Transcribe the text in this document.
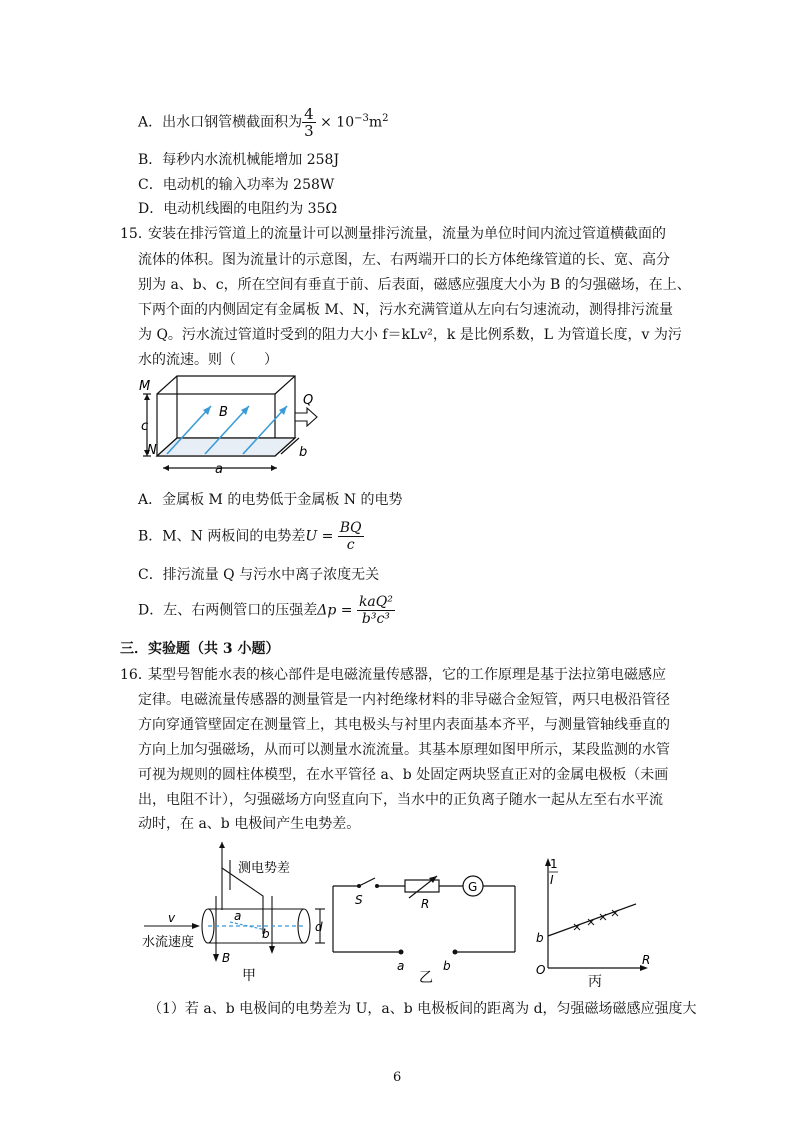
A．出水口钢管横截面积为 $\frac{4}{3} \times 10^{-3}m^2$
B．每秒内水流机械能增加 258J
C．电动机的输入功率为 258W
D．电动机线圈的电阻约为 35Ω
15．
安装在排污管道上的流量计可以测量排污流量，流量为单位时间内流过管道横截面的
流体的体积。图为流量计的示意图，左、右两端开口的长方体绝缘管道的长、宽、高分
别为 a、b、c，所在空间有垂直于前、后表面，磁感应强度大小为 B 的匀强磁场，在上、
下两个面的内侧固定有金属板 M、N，污水充满管道从左向右匀速流动，测得排污流量
为 Q。污水流过管道时受到的阻力大小 f＝kLv²，k 是比例系数，L 为管道长度，v 为污
水的流速。则（　　）
M
c
N
B
Q
a
b
A．金属板 M 的电势低于金属板 N 的电势
B．M、N 两板间的电势差$U = \frac{BQ}{c}$
C．排污流量 Q 与污水中离子浓度无关
D．左、右两侧管口的压强差$\Delta p = \frac{\text{kaQ²}}{\text{b³c³}}$
三．实验题（共 3 小题）
16．
某型号智能水表的核心部件是电磁流量传感器，它的工作原理是基于法拉第电磁感应
定律。电磁流量传感器的测量管是一内衬绝缘材料的非导磁合金短管，两只电极沿管径
方向穿通管壁固定在测量管上，其电极头与衬里内表面基本齐平，与测量管轴线垂直的
方向上加匀强磁场，从而可以测量水流流量。其基本原理如图甲所示，某段监测的水管
可视为规则的圆柱体模型，在水平管径 a、b 处固定两块竖直正对的金属电极板（未画
出，电阻不计），匀强磁场方向竖直向下，当水中的正负离子随水一起从左至右水平流
动时，在 a、b 电极间产生电势差。
测电势差
v
水流速度
a
b	d
B
甲
S	R
G
a	b
乙
1
I
b
O
R
丙
（1）若 a、b 电极间的电势差为 U，a、b 电极板间的距离为 d，匀强磁场磁感应强度大
6
